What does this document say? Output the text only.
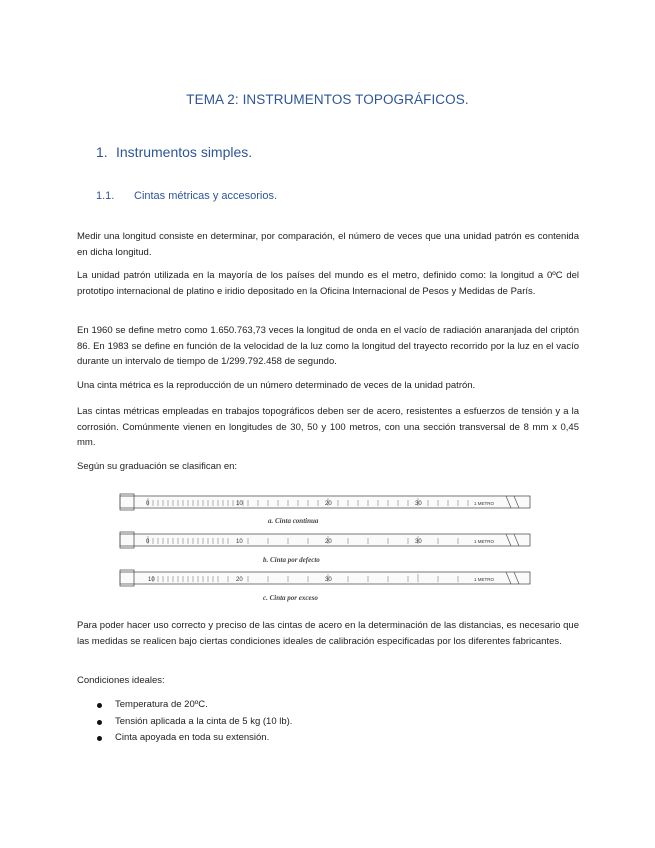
TEMA 2: INSTRUMENTOS TOPOGRÁFICOS.
1. Instrumentos simples.
1.1. Cintas métricas y accesorios.

Medir una longitud consiste en determinar, por comparación, el número de veces que una unidad patrón es contenida en dicha longitud.

La unidad patrón utilizada en la mayoría de los países del mundo es el metro, definido como: la longitud a 0ºC del prototipo internacional de platino e iridio depositado en la Oficina Internacional de Pesos y Medidas de París.

En 1960 se define metro como 1.650.763,73 veces la longitud de onda en el vacío de radiación anaranjada del criptón 86. En 1983 se define en función de la velocidad de la luz como la longitud del trayecto recorrido por la luz en el vacío durante un intervalo de tiempo de 1/299.792.458 de segundo.

Una cinta métrica es la reproducción de un número determinado de veces de la unidad patrón.

Las cintas métricas empleadas en trabajos topográficos deben ser de acero, resistentes a esfuerzos de tensión y a la corrosión. Comúnmente vienen en longitudes de 30, 50 y 100 metros, con una sección transversal de 8 mm x 0,45 mm.

Según su graduación se clasifican en:

0	10	20	30	1 METRO
a. Cinta continua
0	10	20	30	1 METRO
b. Cinta por defecto
10	20	30	1 METRO
c. Cinta por exceso

Para poder hacer uso correcto y preciso de las cintas de acero en la determinación de las distancias, es necesario que las medidas se realicen bajo ciertas condiciones ideales de calibración especificadas por los diferentes fabricantes.

Condiciones ideales:

Temperatura de 20ºC.
Tensión aplicada a la cinta de 5 kg (10 lb).
Cinta apoyada en toda su extensión.
